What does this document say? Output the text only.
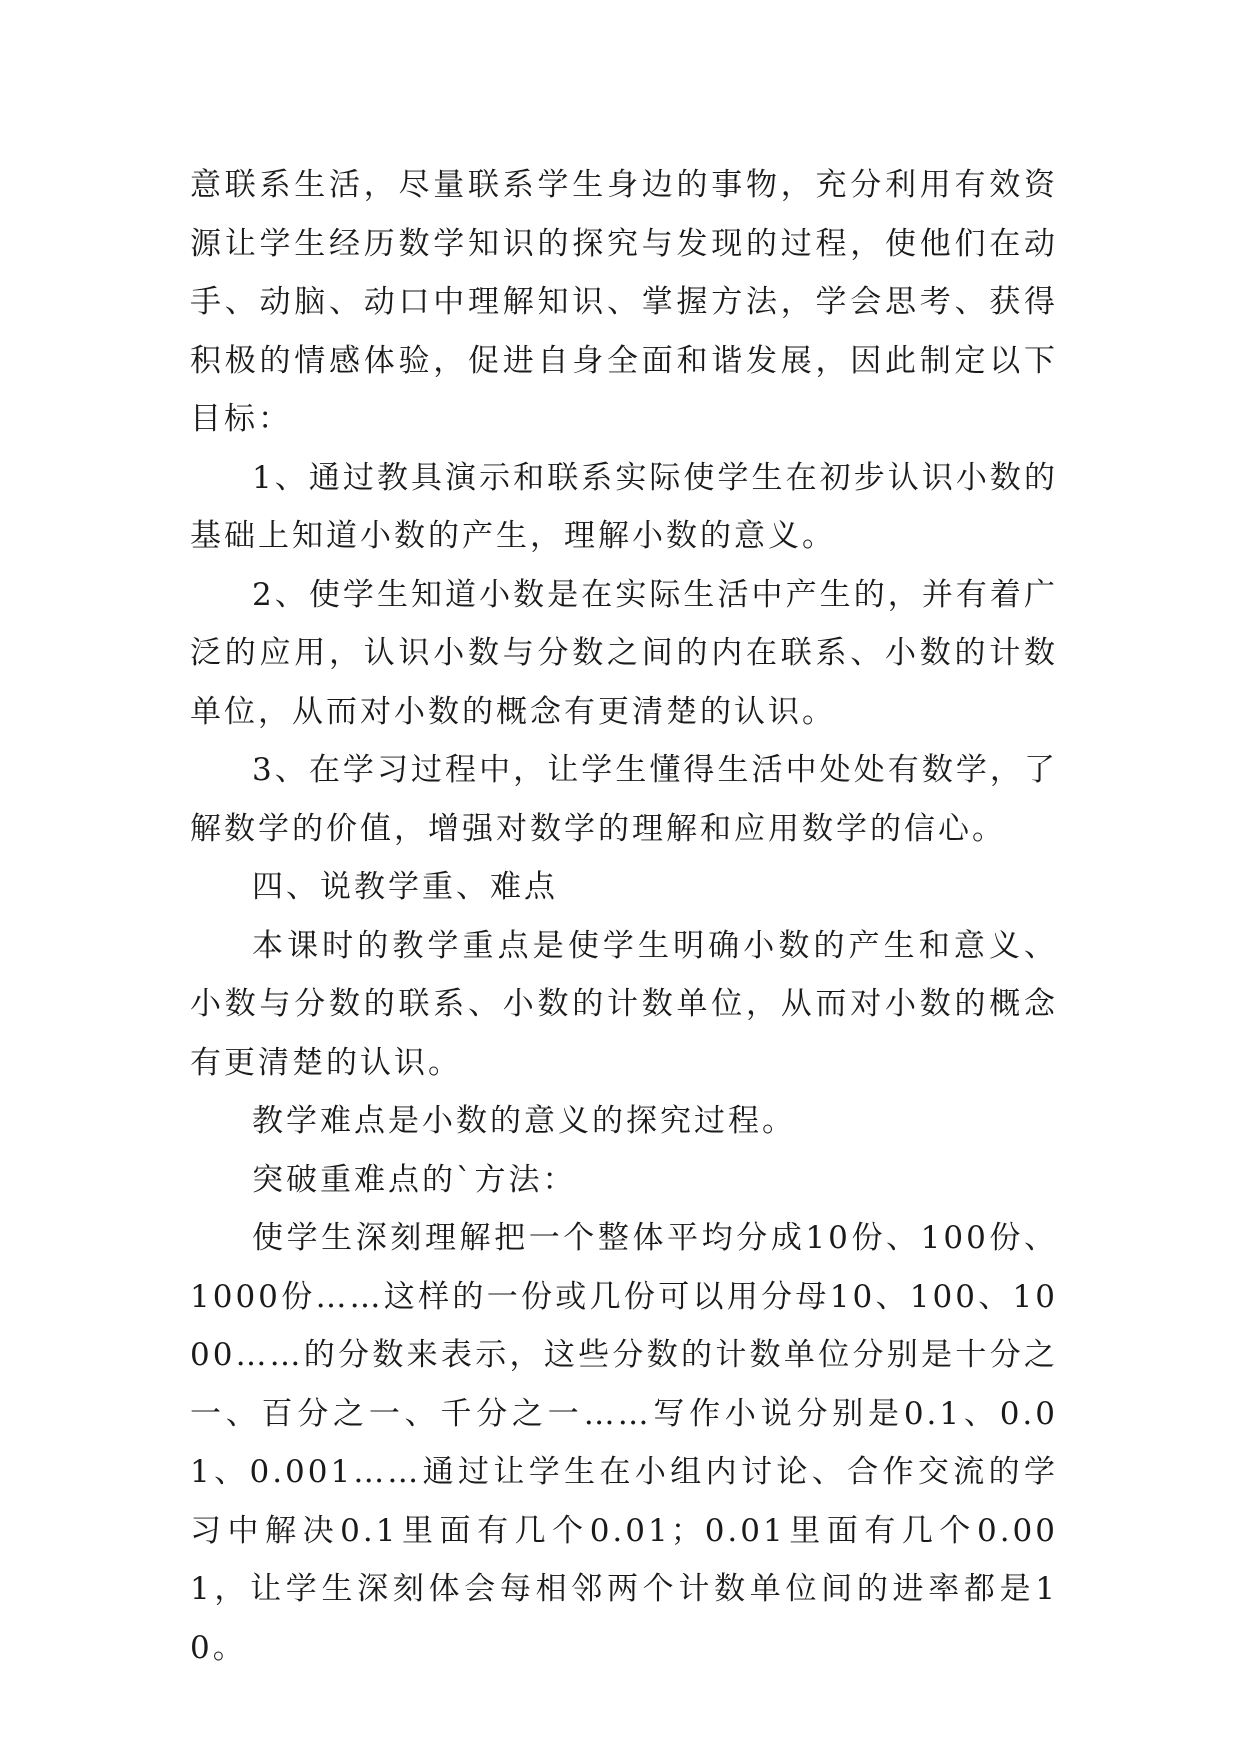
意联系生活，尽量联系学生身边的事物，充分利用有效资源让学生经历数学知识的探究与发现的过程，使他们在动手、动脑、动口中理解知识、掌握方法，学会思考、获得积极的情感体验，促进自身全面和谐发展，因此制定以下目标：

1、通过教具演示和联系实际使学生在初步认识小数的基础上知道小数的产生，理解小数的意义。

2、使学生知道小数是在实际生活中产生的，并有着广泛的应用，认识小数与分数之间的内在联系、小数的计数单位，从而对小数的概念有更清楚的认识。

3、在学习过程中，让学生懂得生活中处处有数学，了解数学的价值，增强对数学的理解和应用数学的信心。

四、说教学重、难点

本课时的教学重点是使学生明确小数的产生和意义、小数与分数的联系、小数的计数单位，从而对小数的概念有更清楚的认识。

教学难点是小数的意义的探究过程。

突破重难点的`方法：

使学生深刻理解把一个整体平均分成10份、100份、1000份……这样的一份或几份可以用分母10、100、1000……的分数来表示，这些分数的计数单位分别是十分之一、百分之一、千分之一……写作小说分别是0.1、0.01、0.001……通过让学生在小组内讨论、合作交流的学习中解决0.1里面有几个0.01；0.01里面有几个0.001，让学生深刻体会每相邻两个计数单位间的进率都是10。
